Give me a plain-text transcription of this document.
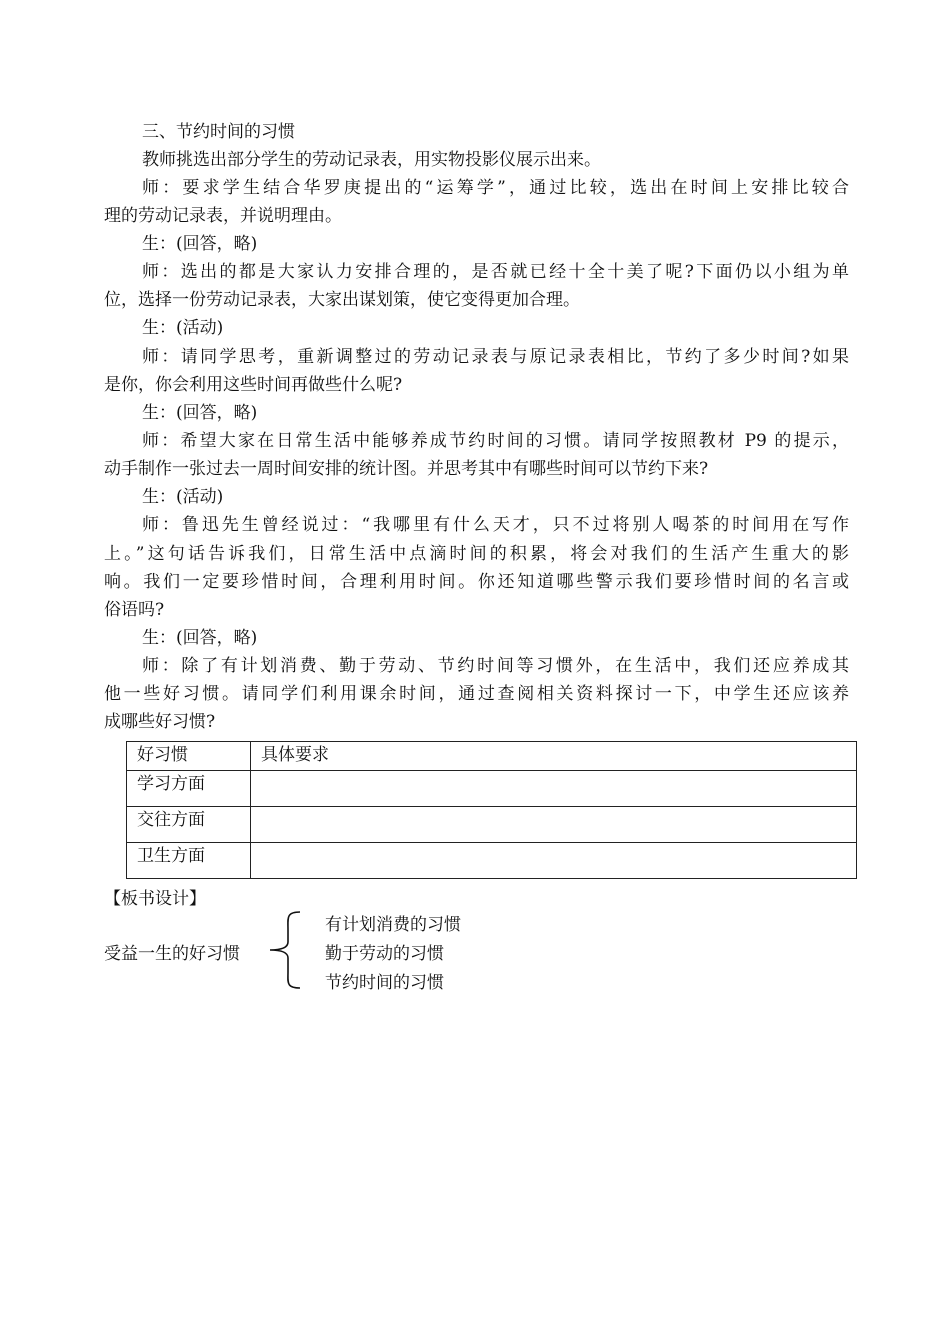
三、节约时间的习惯
教师挑选出部分学生的劳动记录表，用实物投影仪展示出来。
师：要求学生结合华罗庚提出的“运筹学”，通过比较，选出在时间上安排比较合
理的劳动记录表，并说明理由。
生：(回答，略)
师：选出的都是大家认力安排合理的，是否就已经十全十美了呢?下面仍以小组为单
位，选择一份劳动记录表，大家出谋划策，使它变得更加合理。
生：(活动)
师：请同学思考，重新调整过的劳动记录表与原记录表相比，节约了多少时间?如果
是你，你会利用这些时间再做些什么呢?
生：(回答，略)
师：希望大家在日常生活中能够养成节约时间的习惯。请同学按照教材 P9 的提示，
动手制作一张过去一周时间安排的统计图。并思考其中有哪些时间可以节约下来?
生：(活动)
师：鲁迅先生曾经说过：“我哪里有什么天才，只不过将别人喝茶的时间用在写作
上。”这句话告诉我们，日常生活中点滴时间的积累，将会对我们的生活产生重大的影
响。我们一定要珍惜时间，合理利用时间。你还知道哪些警示我们要珍惜时间的名言或
俗语吗?
生：(回答，略)
师：除了有计划消费、勤于劳动、节约时间等习惯外，在生活中，我们还应养成其
他一些好习惯。请同学们利用课余时间，通过查阅相关资料探讨一下，中学生还应该养
成哪些好习惯?
好习惯	具体要求
学习方面	
交往方面	
卫生方面	
【板书设计】
受益一生的好习惯
有计划消费的习惯
勤于劳动的习惯
节约时间的习惯
